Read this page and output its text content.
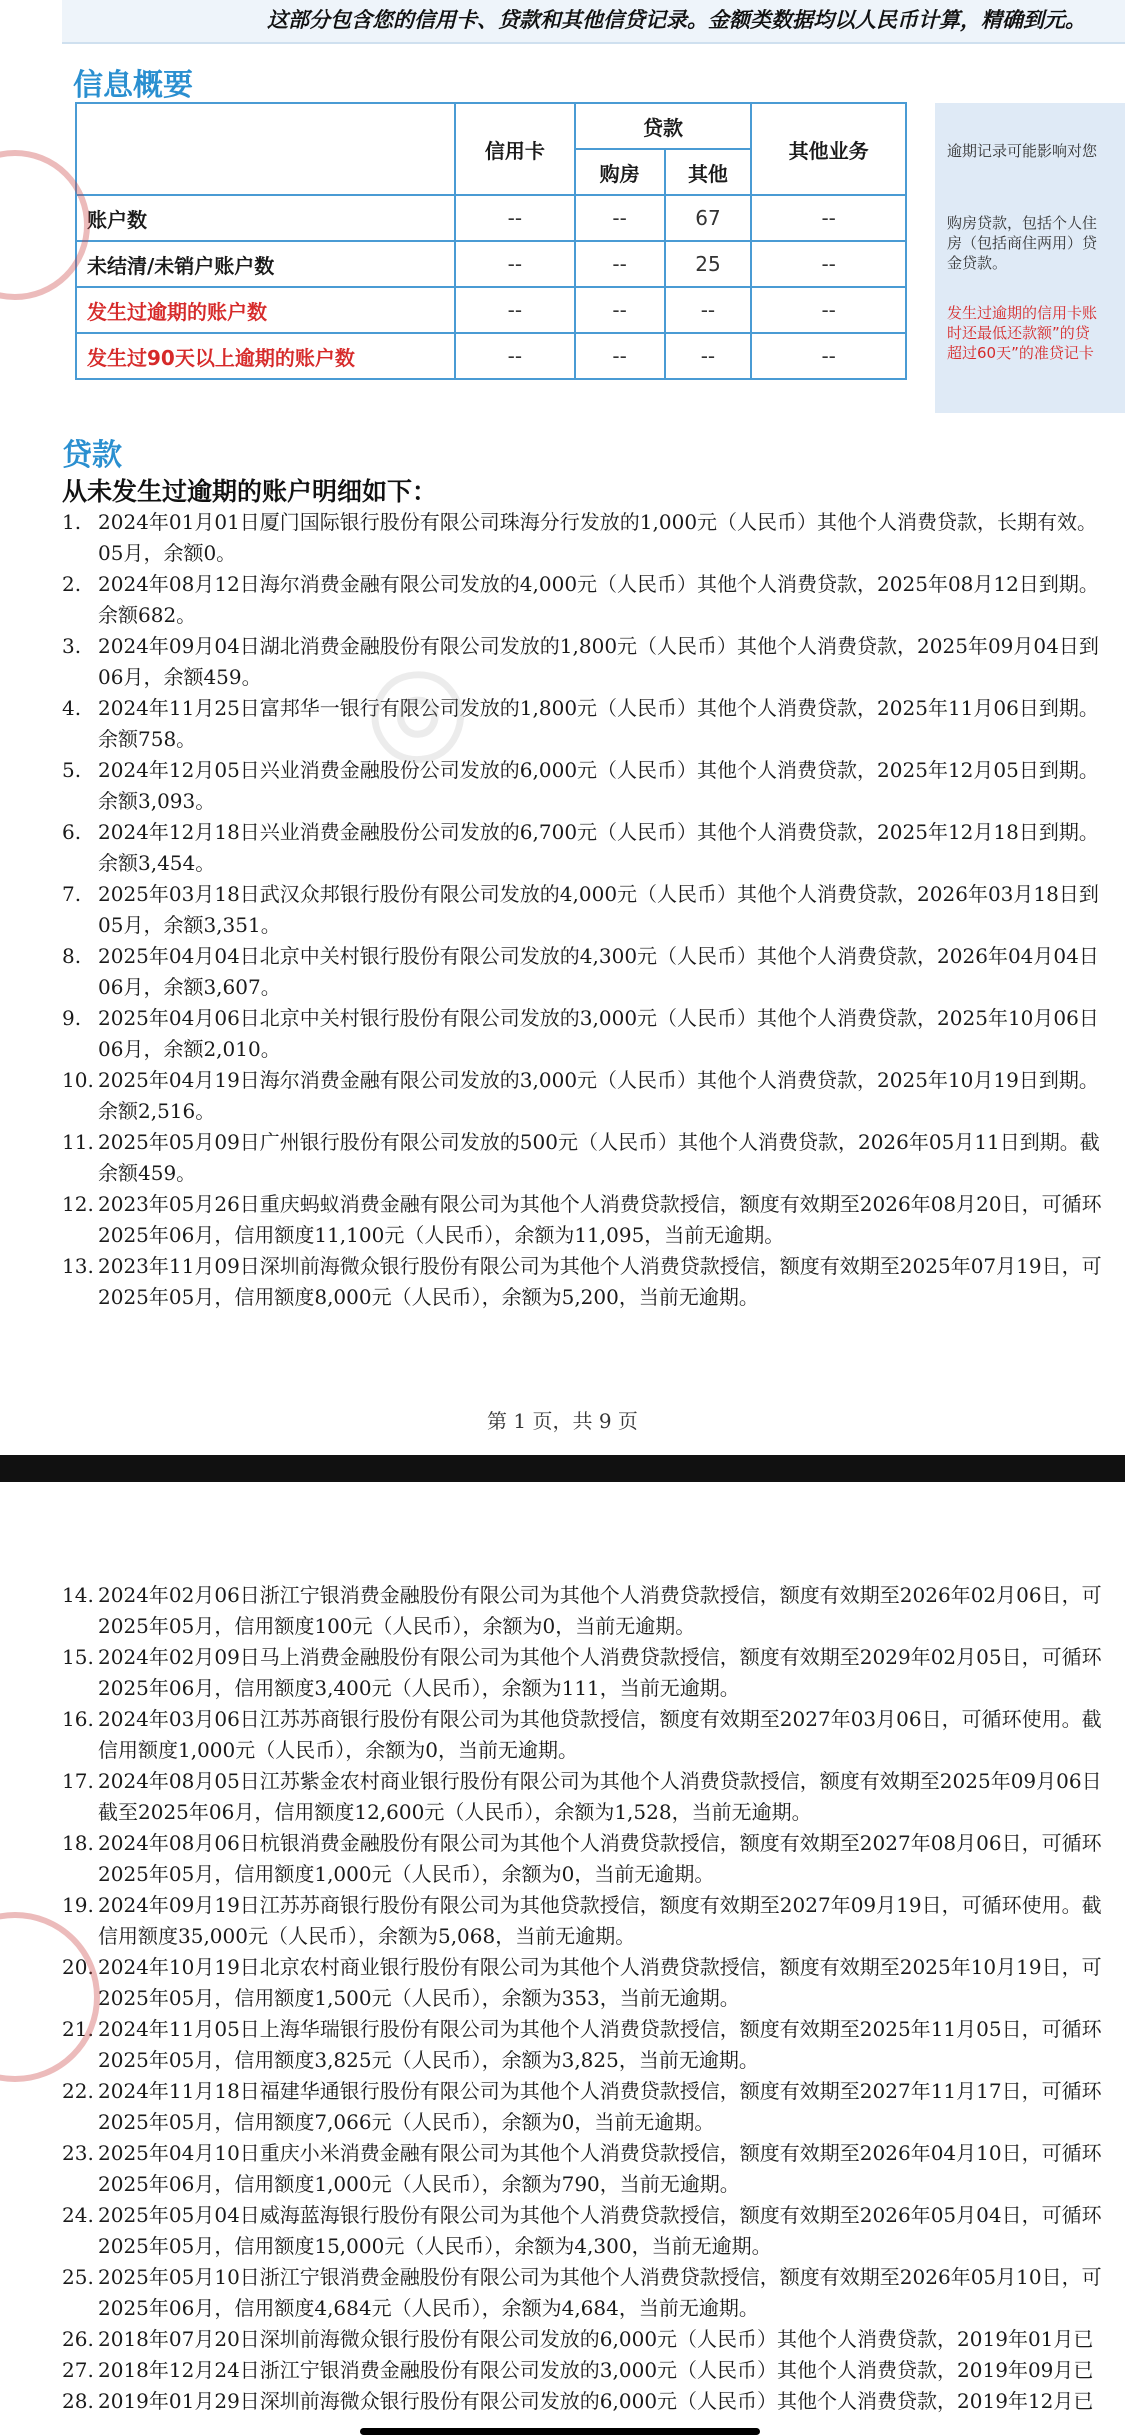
这部分包含您的信用卡、贷款和其他信贷记录。金额类数据均以人民币计算，精确到元。
信息概要
	信用卡	贷款		其他业务
		购房	其他	
账户数	--	--	67	--
未结清/未销户账户数	--	--	25	--
发生过逾期的账户数	--	--	--	--
发生过90天以上逾期的账户数	--	--	--	--
逾期记录可能影响对您
购房贷款，包括个人住
房（包括商住两用）贷
金贷款。
发生过逾期的信用卡账
时还最低还款额”的贷
超过60天”的准贷记卡
贷款
从未发生过逾期的账户明细如下：
1. 2024年01月01日厦门国际银行股份有限公司珠海分行发放的1,000元（人民币）其他个人消费贷款，长期有效。
05月，余额0。
2. 2024年08月12日海尔消费金融有限公司发放的4,000元（人民币）其他个人消费贷款，2025年08月12日到期。
余额682。
3. 2024年09月04日湖北消费金融股份有限公司发放的1,800元（人民币）其他个人消费贷款，2025年09月04日到
06月，余额459。
4. 2024年11月25日富邦华一银行有限公司发放的1,800元（人民币）其他个人消费贷款，2025年11月06日到期。
余额758。
5. 2024年12月05日兴业消费金融股份公司发放的6,000元（人民币）其他个人消费贷款，2025年12月05日到期。
余额3,093。
6. 2024年12月18日兴业消费金融股份公司发放的6,700元（人民币）其他个人消费贷款，2025年12月18日到期。
余额3,454。
7. 2025年03月18日武汉众邦银行股份有限公司发放的4,000元（人民币）其他个人消费贷款，2026年03月18日到
05月，余额3,351。
8. 2025年04月04日北京中关村银行股份有限公司发放的4,300元（人民币）其他个人消费贷款，2026年04月04日
06月，余额3,607。
9. 2025年04月06日北京中关村银行股份有限公司发放的3,000元（人民币）其他个人消费贷款，2025年10月06日
06月，余额2,010。
10. 2025年04月19日海尔消费金融有限公司发放的3,000元（人民币）其他个人消费贷款，2025年10月19日到期。
余额2,516。
11. 2025年05月09日广州银行股份有限公司发放的500元（人民币）其他个人消费贷款，2026年05月11日到期。截
余额459。
12. 2023年05月26日重庆蚂蚁消费金融有限公司为其他个人消费贷款授信，额度有效期至2026年08月20日，可循环
2025年06月，信用额度11,100元（人民币），余额为11,095，当前无逾期。
13. 2023年11月09日深圳前海微众银行股份有限公司为其他个人消费贷款授信，额度有效期至2025年07月19日，可
2025年05月，信用额度8,000元（人民币），余额为5,200，当前无逾期。
第 1 页，共 9 页
◎
14. 2024年02月06日浙江宁银消费金融股份有限公司为其他个人消费贷款授信，额度有效期至2026年02月06日，可
2025年05月，信用额度100元（人民币），余额为0，当前无逾期。
15. 2024年02月09日马上消费金融股份有限公司为其他个人消费贷款授信，额度有效期至2029年02月05日，可循环
2025年06月，信用额度3,400元（人民币），余额为111，当前无逾期。
16. 2024年03月06日江苏苏商银行股份有限公司为其他贷款授信，额度有效期至2027年03月06日，可循环使用。截
信用额度1,000元（人民币），余额为0，当前无逾期。
17. 2024年08月05日江苏紫金农村商业银行股份有限公司为其他个人消费贷款授信，额度有效期至2025年09月06日
截至2025年06月，信用额度12,600元（人民币），余额为1,528，当前无逾期。
18. 2024年08月06日杭银消费金融股份有限公司为其他个人消费贷款授信，额度有效期至2027年08月06日，可循环
2025年05月，信用额度1,000元（人民币），余额为0，当前无逾期。
19. 2024年09月19日江苏苏商银行股份有限公司为其他贷款授信，额度有效期至2027年09月19日，可循环使用。截
信用额度35,000元（人民币），余额为5,068，当前无逾期。
20. 2024年10月19日北京农村商业银行股份有限公司为其他个人消费贷款授信，额度有效期至2025年10月19日，可
2025年05月，信用额度1,500元（人民币），余额为353，当前无逾期。
21. 2024年11月05日上海华瑞银行股份有限公司为其他个人消费贷款授信，额度有效期至2025年11月05日，可循环
2025年05月，信用额度3,825元（人民币），余额为3,825，当前无逾期。
22. 2024年11月18日福建华通银行股份有限公司为其他个人消费贷款授信，额度有效期至2027年11月17日，可循环
2025年05月，信用额度7,066元（人民币），余额为0，当前无逾期。
23. 2025年04月10日重庆小米消费金融有限公司为其他个人消费贷款授信，额度有效期至2026年04月10日，可循环
2025年06月，信用额度1,000元（人民币），余额为790，当前无逾期。
24. 2025年05月04日威海蓝海银行股份有限公司为其他个人消费贷款授信，额度有效期至2026年05月04日，可循环
2025年05月，信用额度15,000元（人民币），余额为4,300，当前无逾期。
25. 2025年05月10日浙江宁银消费金融股份有限公司为其他个人消费贷款授信，额度有效期至2026年05月10日，可
2025年06月，信用额度4,684元（人民币），余额为4,684，当前无逾期。
26. 2018年07月20日深圳前海微众银行股份有限公司发放的6,000元（人民币）其他个人消费贷款，2019年01月已
27. 2018年12月24日浙江宁银消费金融股份有限公司发放的3,000元（人民币）其他个人消费贷款，2019年09月已
28. 2019年01月29日深圳前海微众银行股份有限公司发放的6,000元（人民币）其他个人消费贷款，2019年12月已
